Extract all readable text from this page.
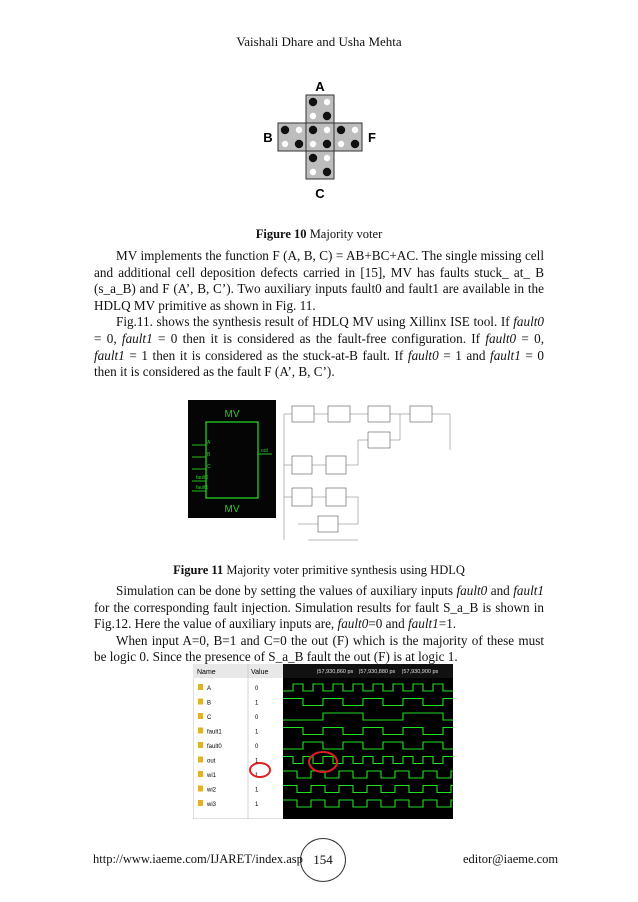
Vaishali Dhare and Usha Mehta
A
B	F
C
Figure 10 Majority voter

MV implements the function F (A, B, C) = AB+BC+AC. The single missing cell and additional cell deposition defects carried in [15], MV has faults stuck_ at_ B (s_a_B) and F (A’, B, C’). Two auxiliary inputs fault0 and fault1 are available in the HDLQ MV primitive as shown in Fig. 11.

Fig.11. shows the synthesis result of HDLQ MV using Xillinx ISE tool. If fault0 = 0, fault1 = 0 then it is considered as the fault-free configuration. If fault0 = 0, fault1 = 1 then it is considered as the stuck-at-B fault. If fault0 = 1 and fault1 = 0 then it is considered as the fault F (A’, B, C’).

MV
MV
A
B
C
fault0
fault1
out
Figure 11 Majority voter primitive synthesis using HDLQ

Simulation can be done by setting the values of auxiliary inputs fault0 and fault1 for the corresponding fault injection. Simulation results for fault S_a_B is shown in Fig.12. Here the value of auxiliary inputs are, fault0=0 and fault1=1.

When input A=0, B=1 and C=0 the out (F) which is the majority of these must be logic 0. Since the presence of S_a_B fault the out (F) is at logic 1.

Name	Value	|57,930,860 ps |57,930,880 ps |57,930,900 ps
A	0
B	1
C	0
fault1	1
fault0	0
out	1
wi1	1
wi2	1
wi3	1
http://www.iaeme.com/IJARET/index.asp 154	editor@iaeme.com
